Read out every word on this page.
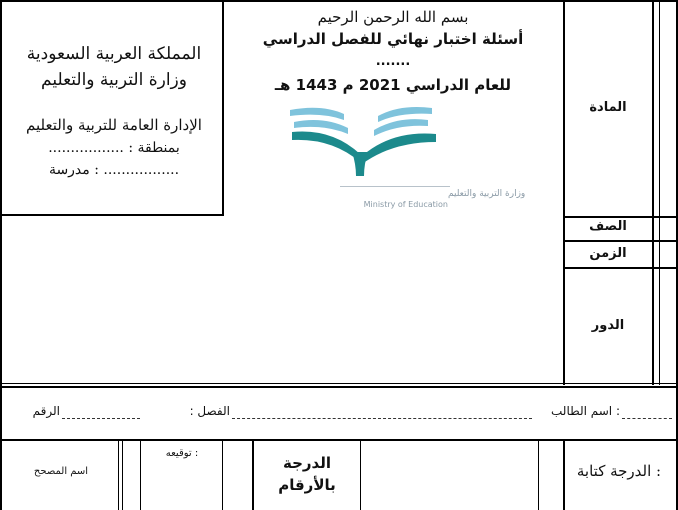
المملكة العربية السعودية
وزارة التربية والتعليم
الإدارة العامة للتربية والتعليم
بمنطقة : .................
................. : مدرسة
بسم الله الرحمن الرحيم
أسئلة اختبار نهائي للفصل الدراسي
.......
للعام الدراسي 2021 م 1443 هـ
وزارة التربية والتعليم
Ministry of Education
المادة
الصف
الزمن
الدور
: اسم الطالب
الفصل :
الرقم
: الدرجة كتابة
الدرجة
بالأرقام
: توقيعه
اسم المصحح
